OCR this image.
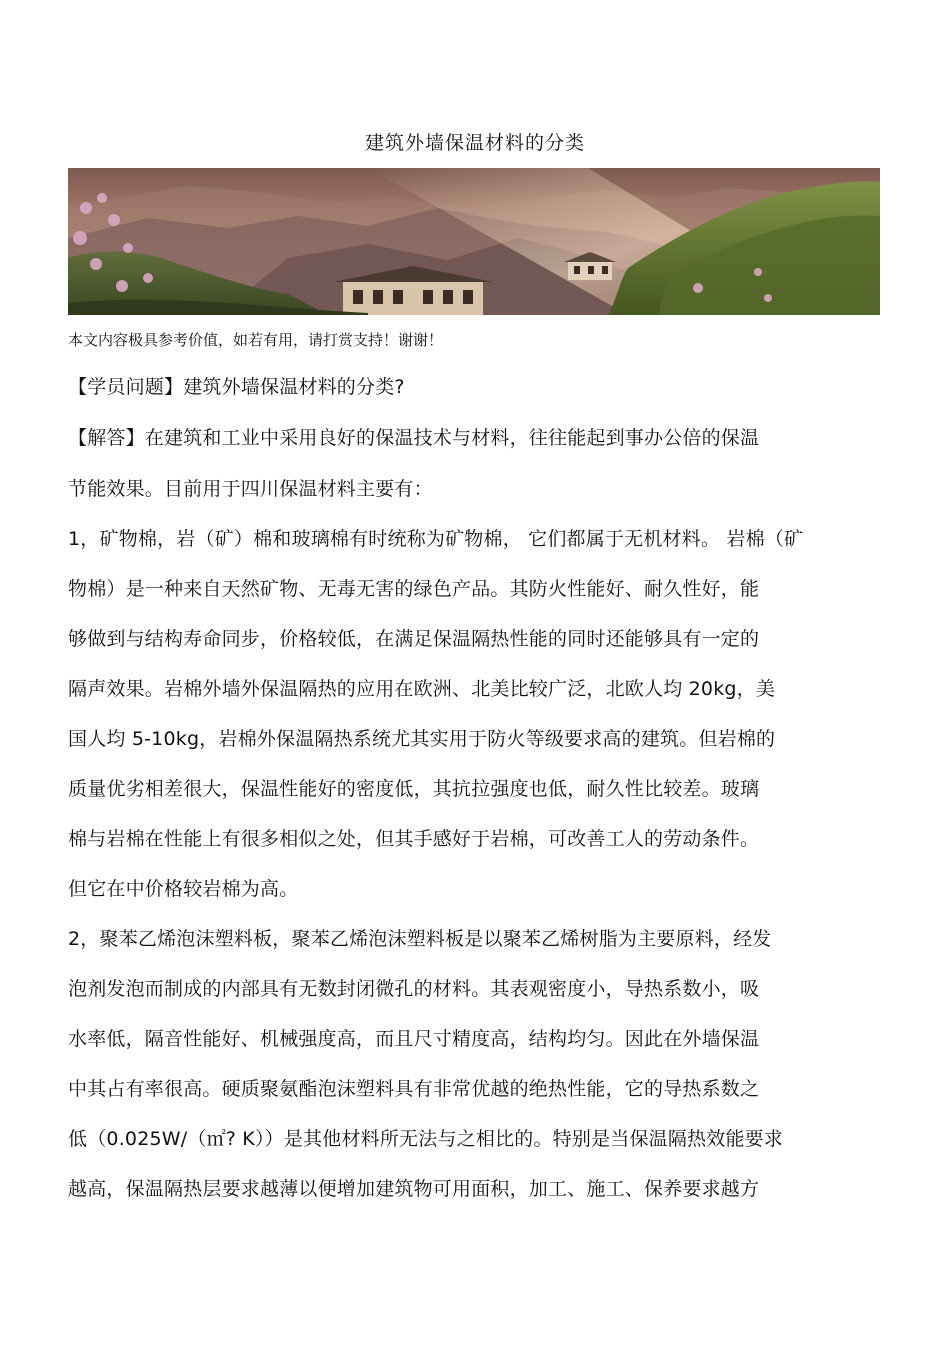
建筑外墙保温材料的分类
本文内容极具参考价值，如若有用，请打赏支持！谢谢！
【学员问题】建筑外墙保温材料的分类?
【解答】在建筑和工业中采用良好的保温技术与材料，往往能起到事办公倍的保温
节能效果。目前用于四川保温材料主要有：
1，矿物棉，岩（矿）棉和玻璃棉有时统称为矿物棉， 它们都属于无机材料。 岩棉（矿
物棉）是一种来自天然矿物、无毒无害的绿色产品。其防火性能好、耐久性好，能
够做到与结构寿命同步，价格较低，在满足保温隔热性能的同时还能够具有一定的
隔声效果。岩棉外墙外保温隔热的应用在欧洲、北美比较广泛，北欧人均 20kg，美
国人均 5-10kg，岩棉外保温隔热系统尤其实用于防火等级要求高的建筑。但岩棉的
质量优劣相差很大，保温性能好的密度低，其抗拉强度也低，耐久性比较差。玻璃
棉与岩棉在性能上有很多相似之处，但其手感好于岩棉，可改善工人的劳动条件。
但它在中价格较岩棉为高。
2，聚苯乙烯泡沫塑料板，聚苯乙烯泡沫塑料板是以聚苯乙烯树脂为主要原料，经发
泡剂发泡而制成的内部具有无数封闭微孔的材料。其表观密度小，导热系数小，吸
水率低，隔音性能好、机械强度高，而且尺寸精度高，结构均匀。因此在外墙保温
中其占有率很高。硬质聚氨酯泡沫塑料具有非常优越的绝热性能，它的导热系数之
低（0.025W/（㎡? K））是其他材料所无法与之相比的。特别是当保温隔热效能要求
越高，保温隔热层要求越薄以便增加建筑物可用面积，加工、施工、保养要求越方
